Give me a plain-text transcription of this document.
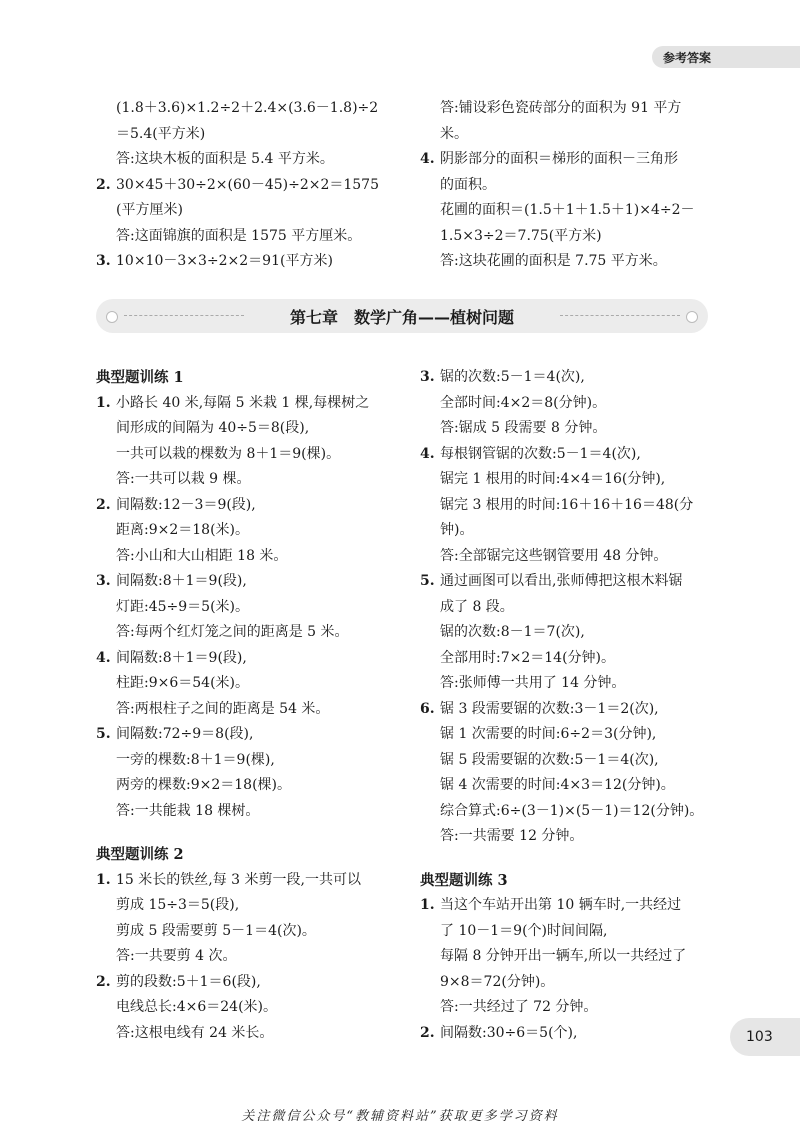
参考答案
(1.8＋3.6)×1.2÷2＋2.4×(3.6－1.8)÷2
＝5.4(平方米)
答:这块木板的面积是 5.4 平方米。
2. 30×45＋30÷2×(60－45)÷2×2＝1575
(平方厘米)
答:这面锦旗的面积是 1575 平方厘米。
3. 10×10－3×3÷2×2＝91(平方米)
答:铺设彩色瓷砖部分的面积为 91 平方
米。
4. 阴影部分的面积＝梯形的面积－三角形
的面积。
花圃的面积＝(1.5＋1＋1.5＋1)×4÷2－
1.5×3÷2＝7.75(平方米)
答:这块花圃的面积是 7.75 平方米。
第七章　数学广角——植树问题
典型题训练 1
1. 小路长 40 米,每隔 5 米栽 1 棵,每棵树之
间形成的间隔为 40÷5＝8(段),
一共可以栽的棵数为 8＋1＝9(棵)。
答:一共可以栽 9 棵。
2. 间隔数:12－3＝9(段),
距离:9×2＝18(米)。
答:小山和大山相距 18 米。
3. 间隔数:8＋1＝9(段),
灯距:45÷9＝5(米)。
答:每两个红灯笼之间的距离是 5 米。
4. 间隔数:8＋1＝9(段),
柱距:9×6＝54(米)。
答:两根柱子之间的距离是 54 米。
5. 间隔数:72÷9＝8(段),
一旁的棵数:8＋1＝9(棵),
两旁的棵数:9×2＝18(棵)。
答:一共能栽 18 棵树。
典型题训练 2
1. 15 米长的铁丝,每 3 米剪一段,一共可以
剪成 15÷3＝5(段),
剪成 5 段需要剪 5－1＝4(次)。
答:一共要剪 4 次。
2. 剪的段数:5＋1＝6(段),
电线总长:4×6＝24(米)。
答:这根电线有 24 米长。
3. 锯的次数:5－1＝4(次),
全部时间:4×2＝8(分钟)。
答:锯成 5 段需要 8 分钟。
4. 每根钢管锯的次数:5－1＝4(次),
锯完 1 根用的时间:4×4＝16(分钟),
锯完 3 根用的时间:16＋16＋16＝48(分
钟)。
答:全部锯完这些钢管要用 48 分钟。
5. 通过画图可以看出,张师傅把这根木料锯
成了 8 段。
锯的次数:8－1＝7(次),
全部用时:7×2＝14(分钟)。
答:张师傅一共用了 14 分钟。
6. 锯 3 段需要锯的次数:3－1＝2(次),
锯 1 次需要的时间:6÷2＝3(分钟),
锯 5 段需要锯的次数:5－1＝4(次),
锯 4 次需要的时间:4×3＝12(分钟)。
综合算式:6÷(3－1)×(5－1)＝12(分钟)。
答:一共需要 12 分钟。
典型题训练 3
1. 当这个车站开出第 10 辆车时,一共经过
了 10－1＝9(个)时间间隔,
每隔 8 分钟开出一辆车,所以一共经过了
9×8＝72(分钟)。
答:一共经过了 72 分钟。
2. 间隔数:30÷6＝5(个),	103
关注微信公众号“教辅资料站”获取更多学习资料
